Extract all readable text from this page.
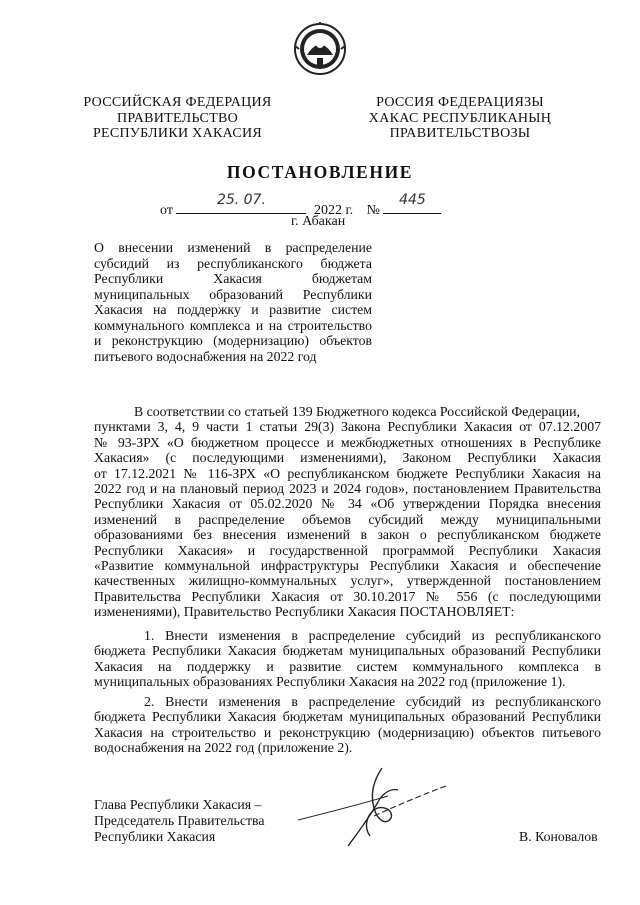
РОССИЙСКАЯ ФЕДЕРАЦИЯ
ПРАВИТЕЛЬСТВО
РЕСПУБЛИКИ ХАКАСИЯ
РОССИЯ ФЕДЕРАЦИЯЗЫ
ХАКАС РЕСПУБЛИКАНЫҢ
ПРАВИТЕЛЬСТВОЗЫ
ПОСТАНОВЛЕНИЕ
от
25. 07.
2022 г. №
445
г. Абакан
О внесении изменений в распределение
субсидий из республиканского бюджета
Республики Хакасия бюджетам
муниципальных образований Республики
Хакасия на поддержку и развитие систем
коммунального комплекса и на строительство
и реконструкцию (модернизацию) объектов
питьевого водоснабжения на 2022 год
В соответствии со статьей 139 Бюджетного кодекса Российской Федерации,
пунктами 3, 4, 9 части 1 статьи 29(3) Закона Республики Хакасия от 07.12.2007
№ 93-ЗРХ «О бюджетном процессе и межбюджетных отношениях в Республике
Хакасия» (с последующими изменениями), Законом Республики Хакасия
от 17.12.2021 № 116-ЗРХ «О республиканском бюджете Республики Хакасия на
2022 год и на плановый период 2023 и 2024 годов», постановлением Правительства
Республики Хакасия от 05.02.2020 № 34 «Об утверждении Порядка внесения
изменений в распределение объемов субсидий между муниципальными
образованиями без внесения изменений в закон о республиканском бюджете
Республики Хакасия» и государственной программой Республики Хакасия
«Развитие коммунальной инфраструктуры Республики Хакасия и обеспечение
качественных жилищно-коммунальных услуг», утвержденной постановлением
Правительства Республики Хакасия от 30.10.2017 № 556 (с последующими
изменениями), Правительство Республики Хакасия ПОСТАНОВЛЯЕТ:
1. Внести изменения в распределение субсидий из республиканского
бюджета Республики Хакасия бюджетам муниципальных образований Республики
Хакасия на поддержку и развитие систем коммунального комплекса в
муниципальных образованиях Республики Хакасия на 2022 год (приложение 1).
2. Внести изменения в распределение субсидий из республиканского
бюджета Республики Хакасия бюджетам муниципальных образований Республики
Хакасия на строительство и реконструкцию (модернизацию) объектов питьевого
водоснабжения на 2022 год (приложение 2).
Глава Республики Хакасия –
Председатель Правительства
Республики Хакасия	В. Коновалов
